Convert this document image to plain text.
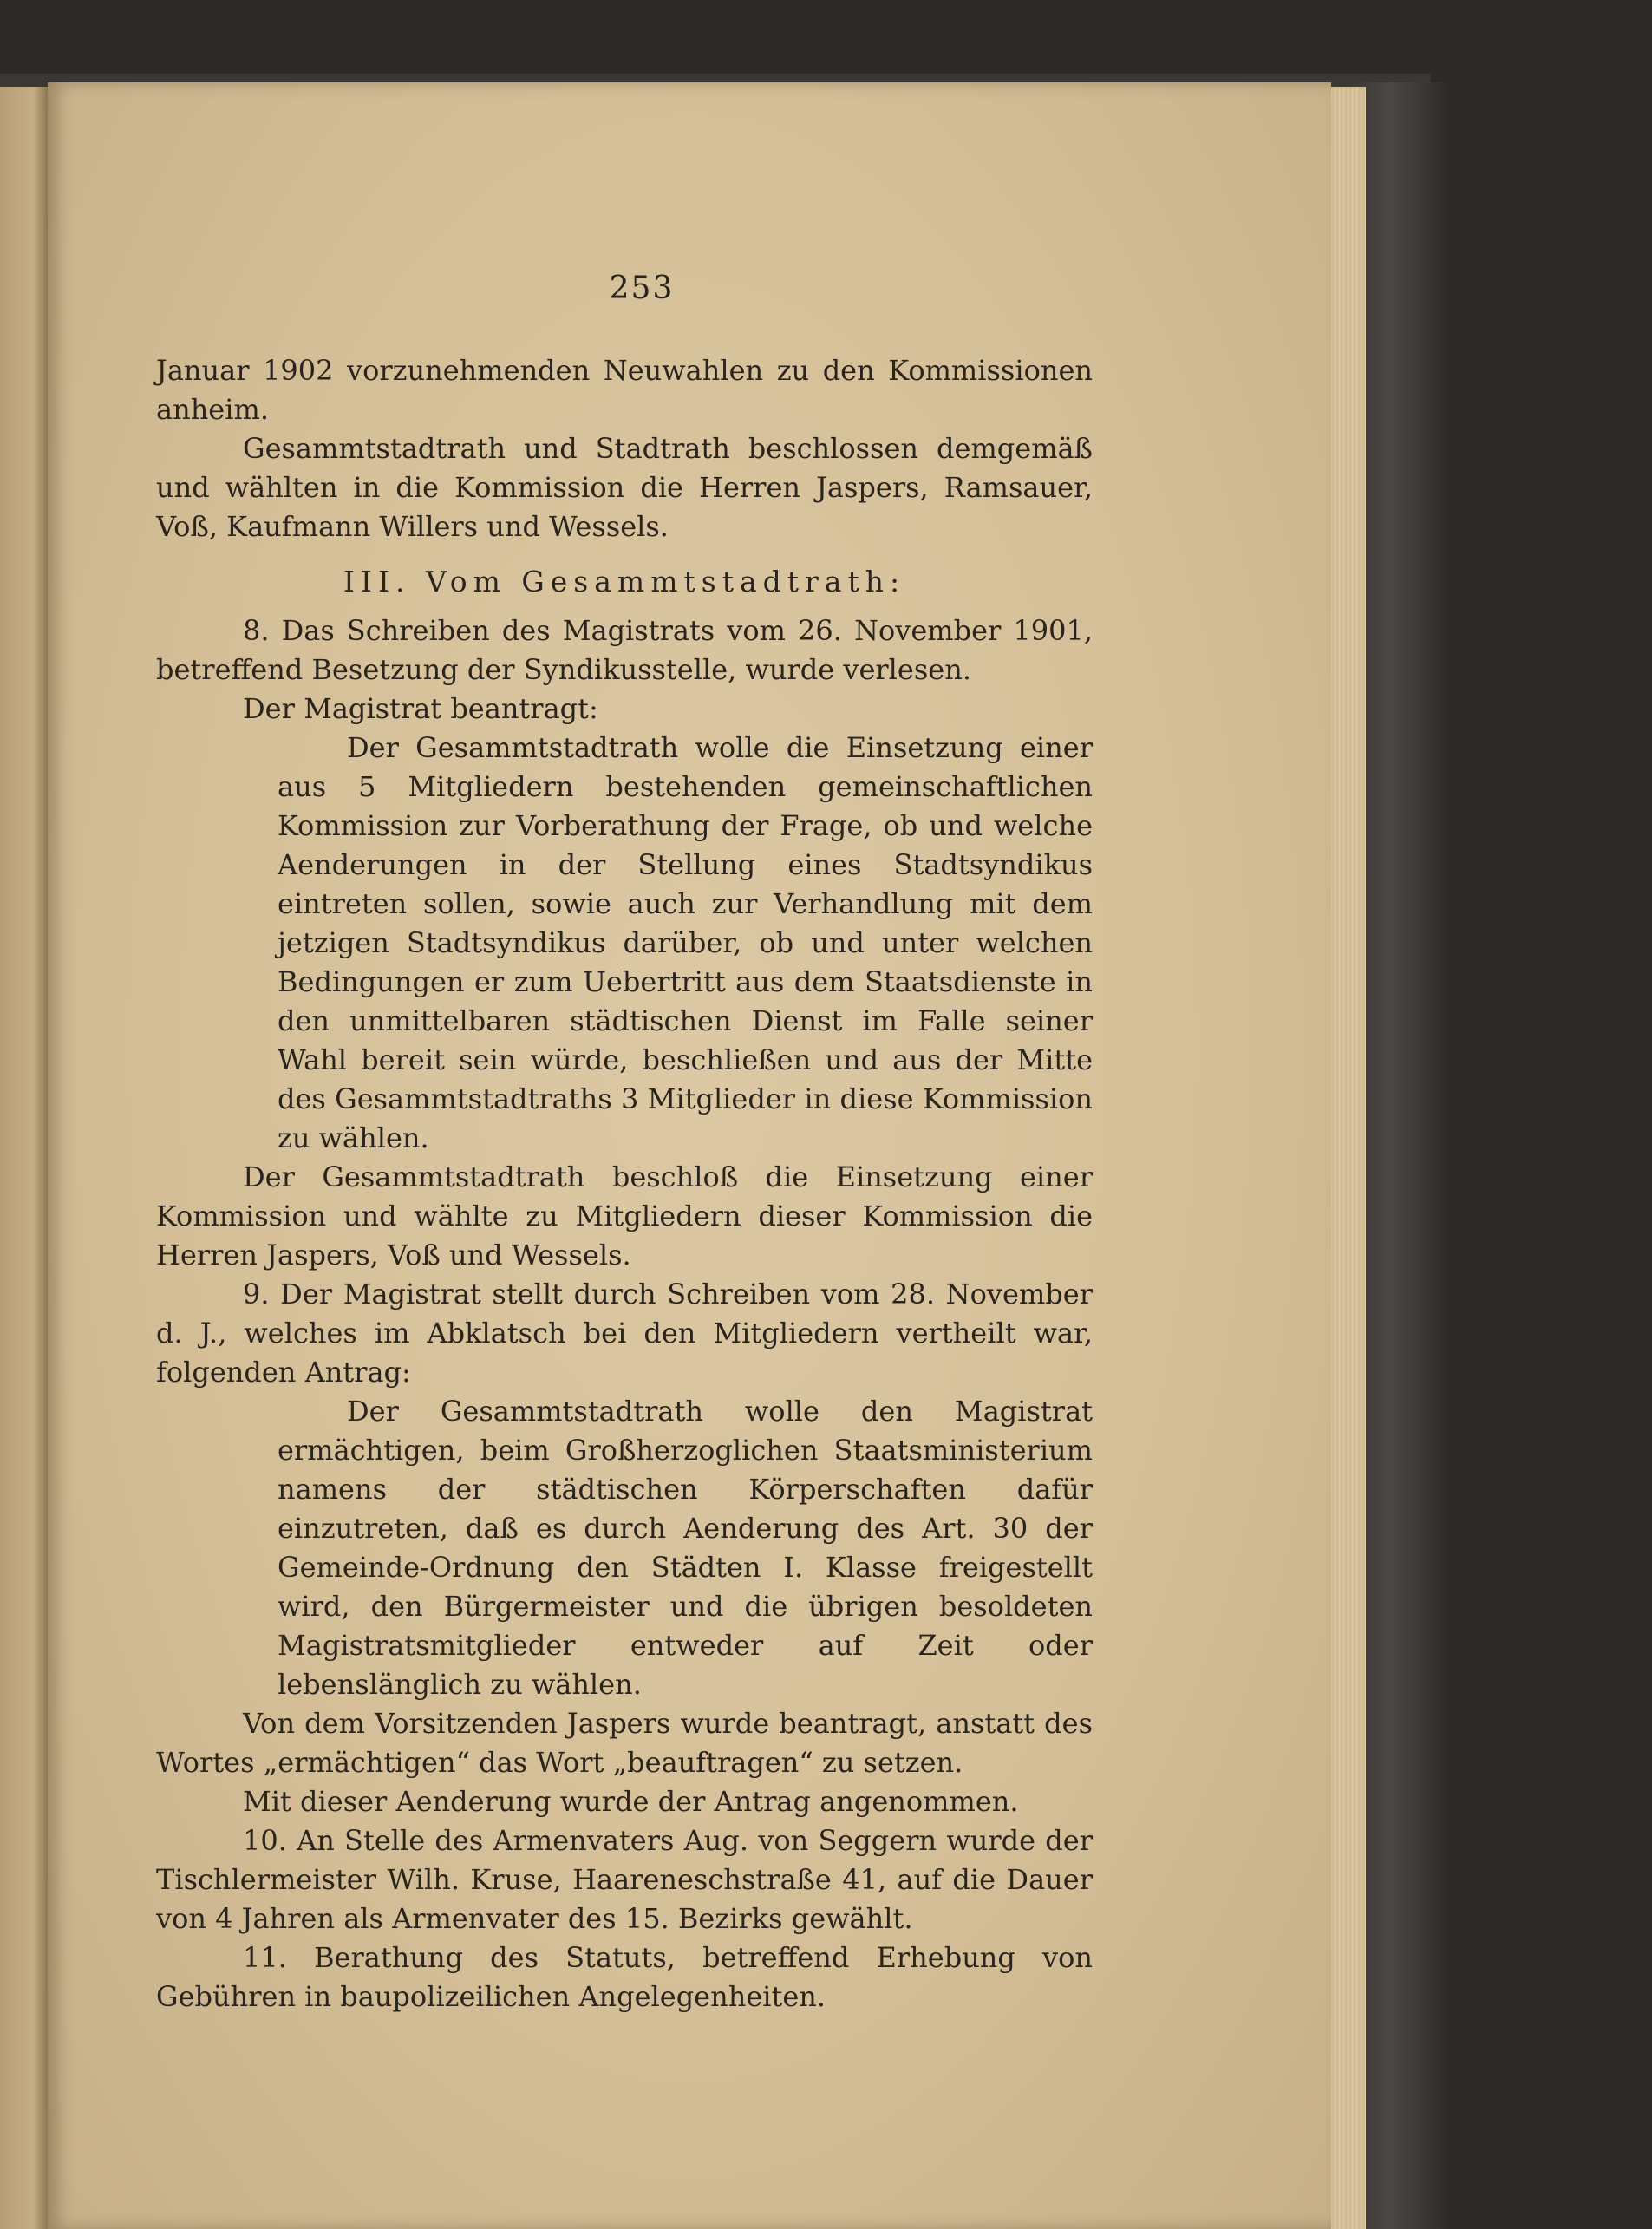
253

Januar 1902 vorzunehmenden Neuwahlen zu den Kommissionen anheim.

Gesammtstadtrath und Stadtrath beschlossen demgemäß und wählten in die Kommission die Herren Jaspers, Ramsauer, Voß, Kaufmann Willers und Wessels.

III. Vom Gesammtstadtrath:

8. Das Schreiben des Magistrats vom 26. November 1901, betreffend Besetzung der Syndikusstelle, wurde verlesen.

Der Magistrat beantragt:

Der Gesammtstadtrath wolle die Einsetzung einer aus 5 Mitgliedern bestehenden gemeinschaftlichen Kommission zur Vorberathung der Frage, ob und welche Aenderungen in der Stellung eines Stadtsyndikus eintreten sollen, sowie auch zur Verhandlung mit dem jetzigen Stadtsyndikus darüber, ob und unter welchen Bedingungen er zum Uebertritt aus dem Staatsdienste in den unmittelbaren städtischen Dienst im Falle seiner Wahl bereit sein würde, beschließen und aus der Mitte des Gesammtstadtraths 3 Mitglieder in diese Kommission zu wählen.

Der Gesammtstadtrath beschloß die Einsetzung einer Kommission und wählte zu Mitgliedern dieser Kommission die Herren Jaspers, Voß und Wessels.

9. Der Magistrat stellt durch Schreiben vom 28. November d. J., welches im Abklatsch bei den Mitgliedern vertheilt war, folgenden Antrag:

Der Gesammtstadtrath wolle den Magistrat ermächtigen, beim Großherzoglichen Staatsministerium namens der städtischen Körperschaften dafür einzutreten, daß es durch Aenderung des Art. 30 der Gemeinde-Ordnung den Städten I. Klasse freigestellt wird, den Bürgermeister und die übrigen besoldeten Magistratsmitglieder entweder auf Zeit oder lebenslänglich zu wählen.

Von dem Vorsitzenden Jaspers wurde beantragt, anstatt des Wortes „ermächtigen“ das Wort „beauftragen“ zu setzen.

Mit dieser Aenderung wurde der Antrag angenommen.

10. An Stelle des Armenvaters Aug. von Seggern wurde der Tischlermeister Wilh. Kruse, Haareneschstraße 41, auf die Dauer von 4 Jahren als Armenvater des 15. Bezirks gewählt.

11. Berathung des Statuts, betreffend Erhebung von Gebühren in baupolizeilichen Angelegenheiten.
